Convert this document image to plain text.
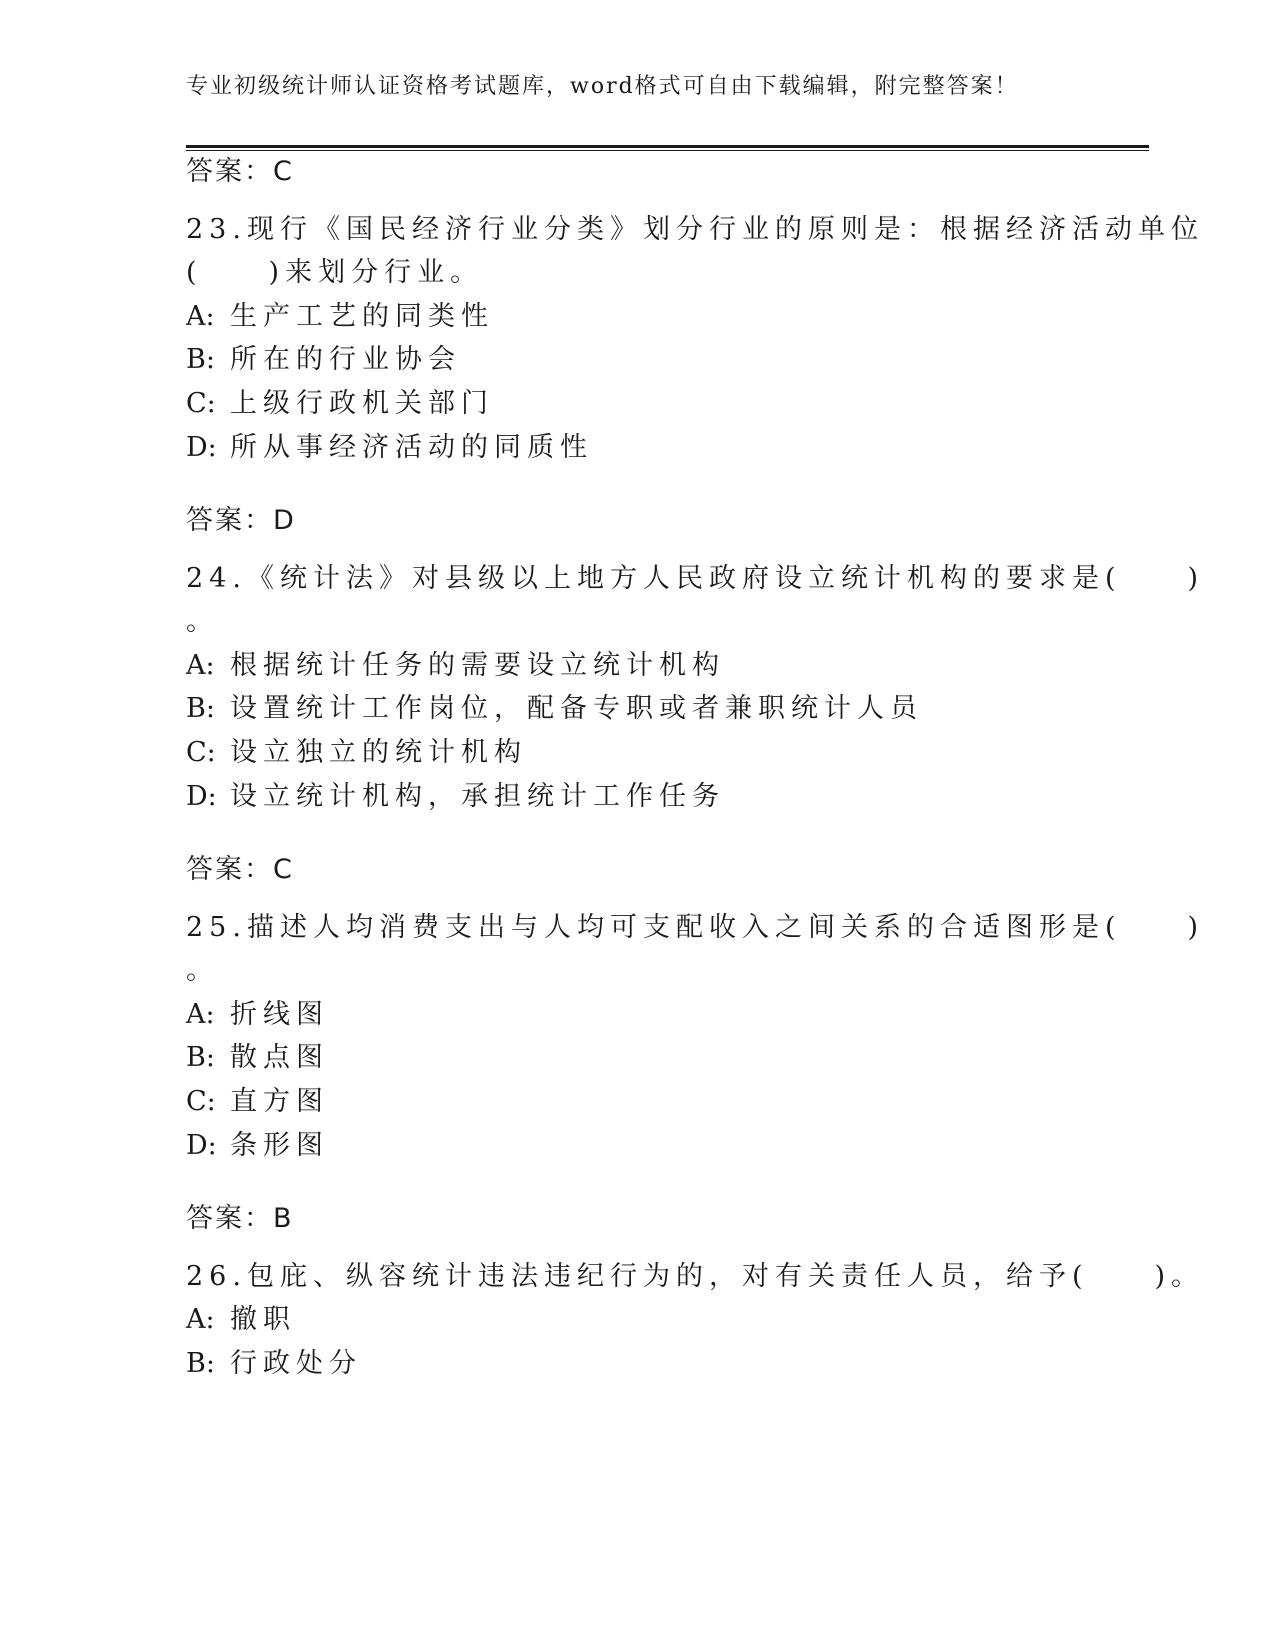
专业初级统计师认证资格考试题库，word格式可自由下载编辑，附完整答案！
答案：C
23.现行《国民经济行业分类》划分行业的原则是：根据经济活动单位
(　　)来划分行业。
A: 生产工艺的同类性
B: 所在的行业协会
C: 上级行政机关部门
D: 所从事经济活动的同质性
答案：D
24.《统计法》对县级以上地方人民政府设立统计机构的要求是(　　)
。
A: 根据统计任务的需要设立统计机构
B: 设置统计工作岗位，配备专职或者兼职统计人员
C: 设立独立的统计机构
D: 设立统计机构，承担统计工作任务
答案：C
25.描述人均消费支出与人均可支配收入之间关系的合适图形是(　　)
。
A: 折线图
B: 散点图
C: 直方图
D: 条形图
答案：B
26.包庇、纵容统计违法违纪行为的，对有关责任人员，给予(　　)。
A: 撤职
B: 行政处分
